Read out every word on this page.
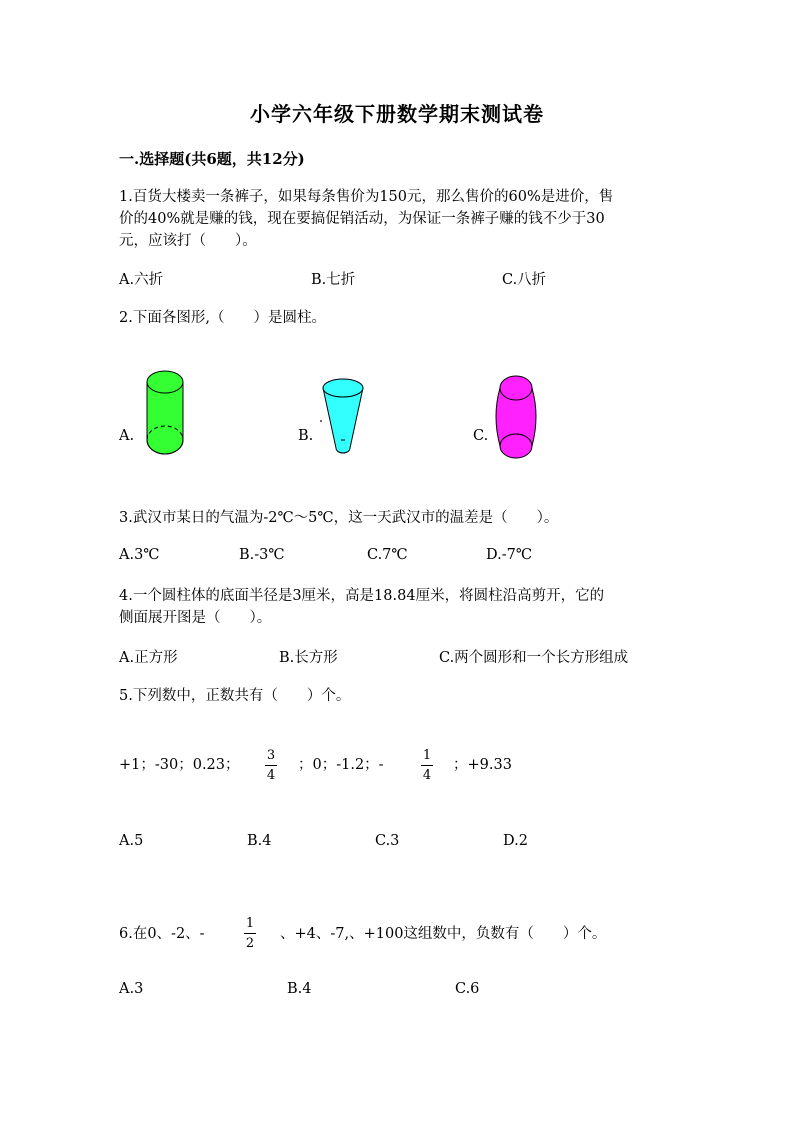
小学六年级下册数学期末测试卷
一.选择题(共6题，共12分)
1.百货大楼卖一条裤子，如果每条售价为150元，那么售价的60%是进价，售
价的40%就是赚的钱，现在要搞促销活动，为保证一条裤子赚的钱不少于30
元，应该打（　　）。
A.六折	B.七折	C.八折
2.下面各图形,（　　）是圆柱。
A.	B.	C.
3.武汉市某日的气温为-2℃～5℃，这一天武汉市的温差是（　　）。
A.3℃	B.-3℃	C.7℃	D.-7℃
4.一个圆柱体的底面半径是3厘米，高是18.84厘米，将圆柱沿高剪开，它的
侧面展开图是（　　）。
A.正方形	B.长方形	C.两个圆形和一个长方形组成
5.下列数中，正数共有（　　）个。
+1；-30；0.23；
3
4
；0；-1.2；-
1
4
；+9.33
A.5	B.4	C.3	D.2
6.在0、-2、-
1
2
、+4、-7,、+100这组数中，负数有（　　）个。
A.3	B.4	C.6
